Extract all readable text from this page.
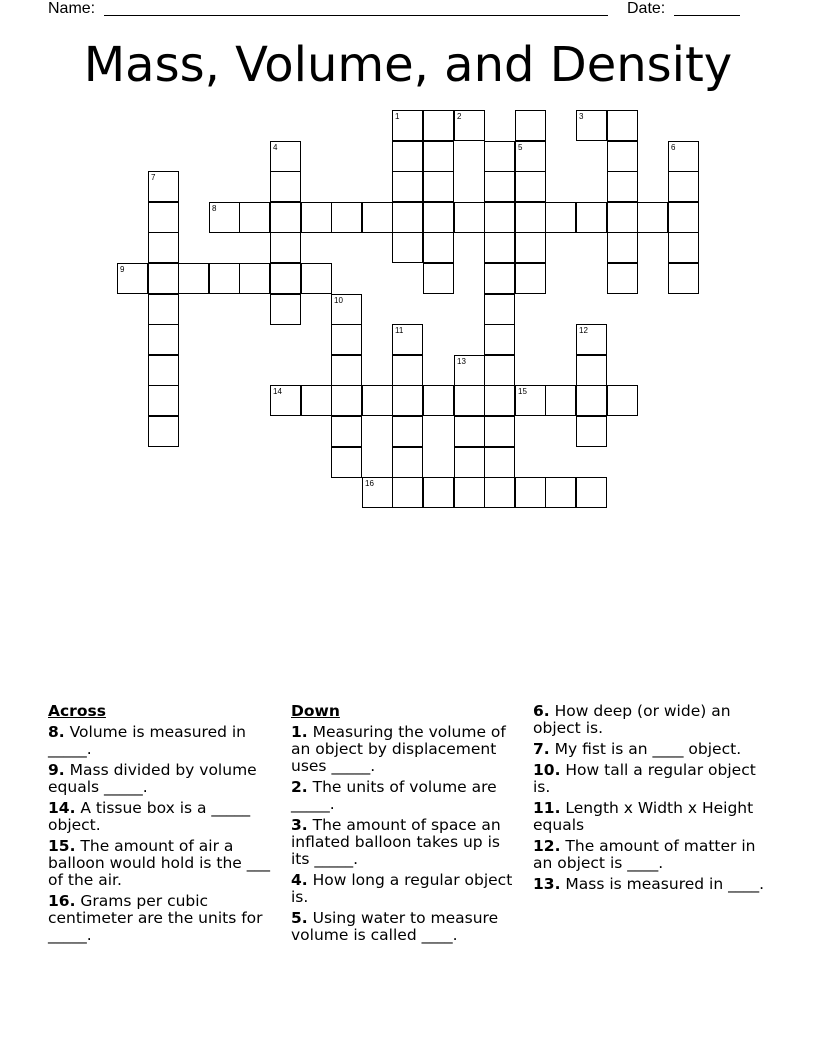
Name:	Date:
Mass, Volume, and Density
1
4	5
7
8
9
10
11	12
13
14	15
16
6
2	3
Across
8. Volume is measured in _____.
9. Mass divided by volume equals _____.
14. A tissue box is a _____ object.
15. The amount of air a balloon would hold is the ___ of the air.
16. Grams per cubic centimeter are the units for _____.
Down
1. Measuring the volume of an object by displacement uses _____.
2. The units of volume are _____.
3. The amount of space an inflated balloon takes up is its _____.
4. How long a regular object is.
5. Using water to measure volume is called ____.
6. How deep (or wide) an object is.
7. My fist is an ____ object.
10. How tall a regular object is.
11. Length x Width x Height equals
12. The amount of matter in an object is ____.
13. Mass is measured in ____.
